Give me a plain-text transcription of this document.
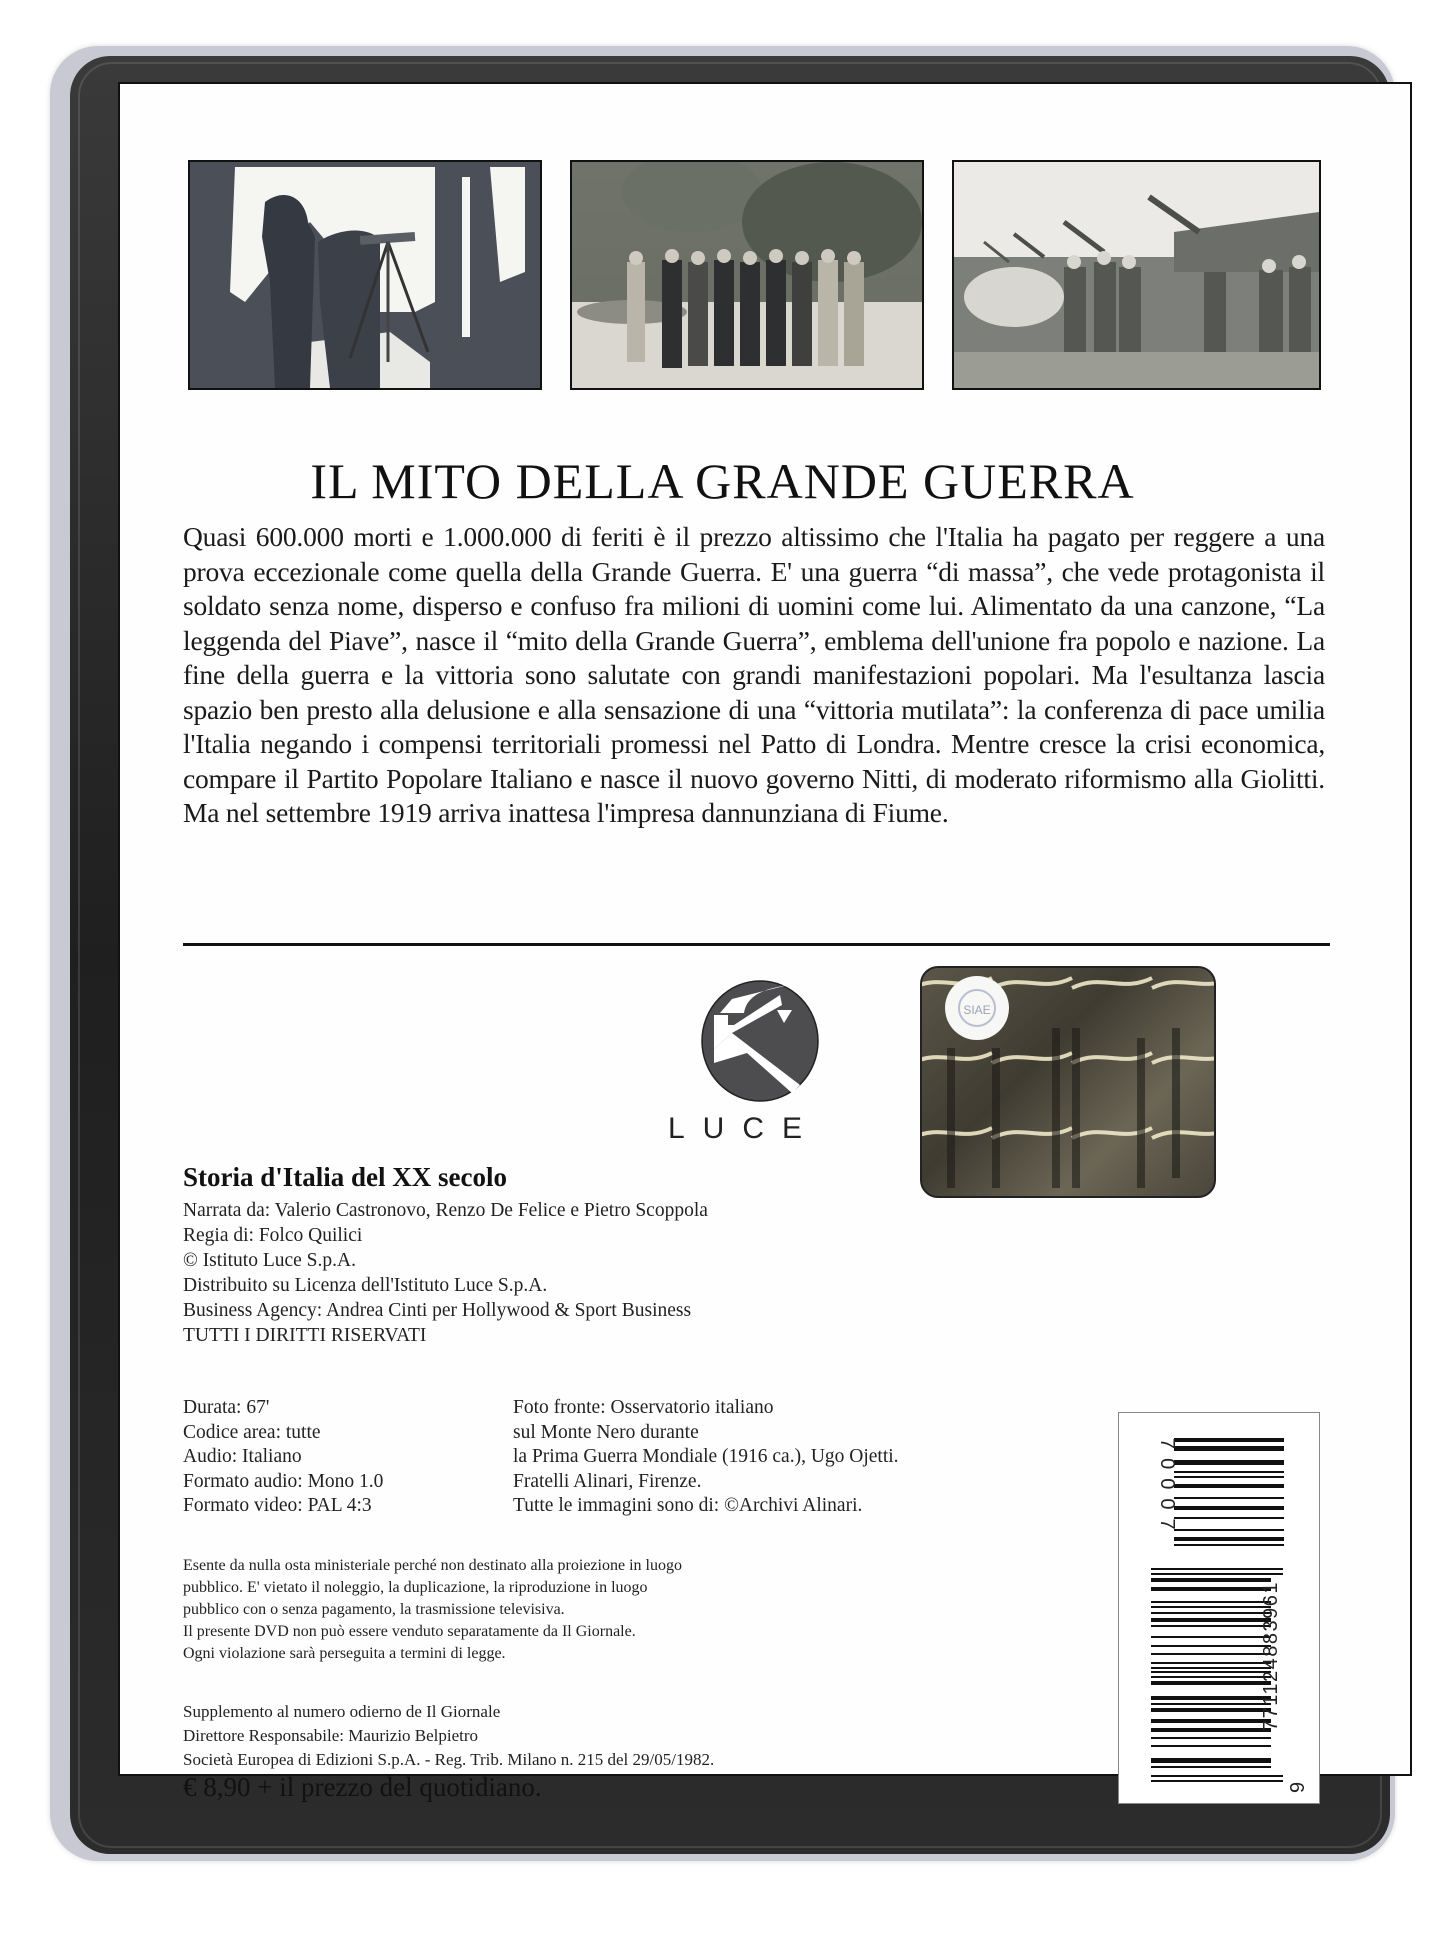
IL MITO DELLA GRANDE GUERRA
Quasi 600.000 morti e 1.000.000 di feriti è il prezzo altissimo che l'Italia ha pagato per reggere a una prova eccezionale come quella della Grande Guerra. E' una guerra “di massa”, che vede protagonista il soldato senza nome, disperso e confuso fra milioni di uomini come lui. Alimentato da una canzone, “La leggenda del Piave”, nasce il “mito della Grande Guerra”, emblema dell'unione fra popolo e nazione. La fine della guerra e la vittoria sono salutate con grandi manifestazioni popolari. Ma l'esultanza lascia spazio ben presto alla delusione e alla sensazione di una “vittoria mutilata”: la conferenza di pace umilia l'Italia negando i compensi territoriali promessi nel Patto di Londra. Mentre cresce la crisi economica, compare il Partito Popolare Italiano e nasce il nuovo governo Nitti, di moderato riformismo alla Giolitti. Ma nel settembre 1919 arriva inattesa l'impresa dannunziana di Fiume.
LUCE
SIAE
Storia d'Italia del XX secolo
Narrata da: Valerio Castronovo, Renzo De Felice e Pietro Scoppola
Regia di: Folco Quilici
© Istituto Luce S.p.A.
Distribuito su Licenza dell'Istituto Luce S.p.A.
Business Agency: Andrea Cinti per Hollywood & Sport Business
TUTTI I DIRITTI RISERVATI
Durata: 67'
Codice area: tutte
Audio: Italiano
Formato audio: Mono 1.0
Formato video: PAL 4:3
Foto fronte: Osservatorio italiano
sul Monte Nero durante
la Prima Guerra Mondiale (1916 ca.), Ugo Ojetti.
Fratelli Alinari, Firenze.
Tutte le immagini sono di: ©Archivi Alinari.
Esente da nulla osta ministeriale perché non destinato alla proiezione in luogo
pubblico. E' vietato il noleggio, la duplicazione, la riproduzione in luogo
pubblico con o senza pagamento, la trasmissione televisiva.
Il presente DVD non può essere venduto separatamente da Il Giornale.
Ogni violazione sarà perseguita a termini di legge.
Supplemento al numero odierno de Il Giornale
Direttore Responsabile: Maurizio Belpietro
Società Europea di Edizioni S.p.A. - Reg. Trib. Milano n. 215 del 29/05/1982.
€ 8,90 + il prezzo del quotidiano.
70007
771124883961
9
